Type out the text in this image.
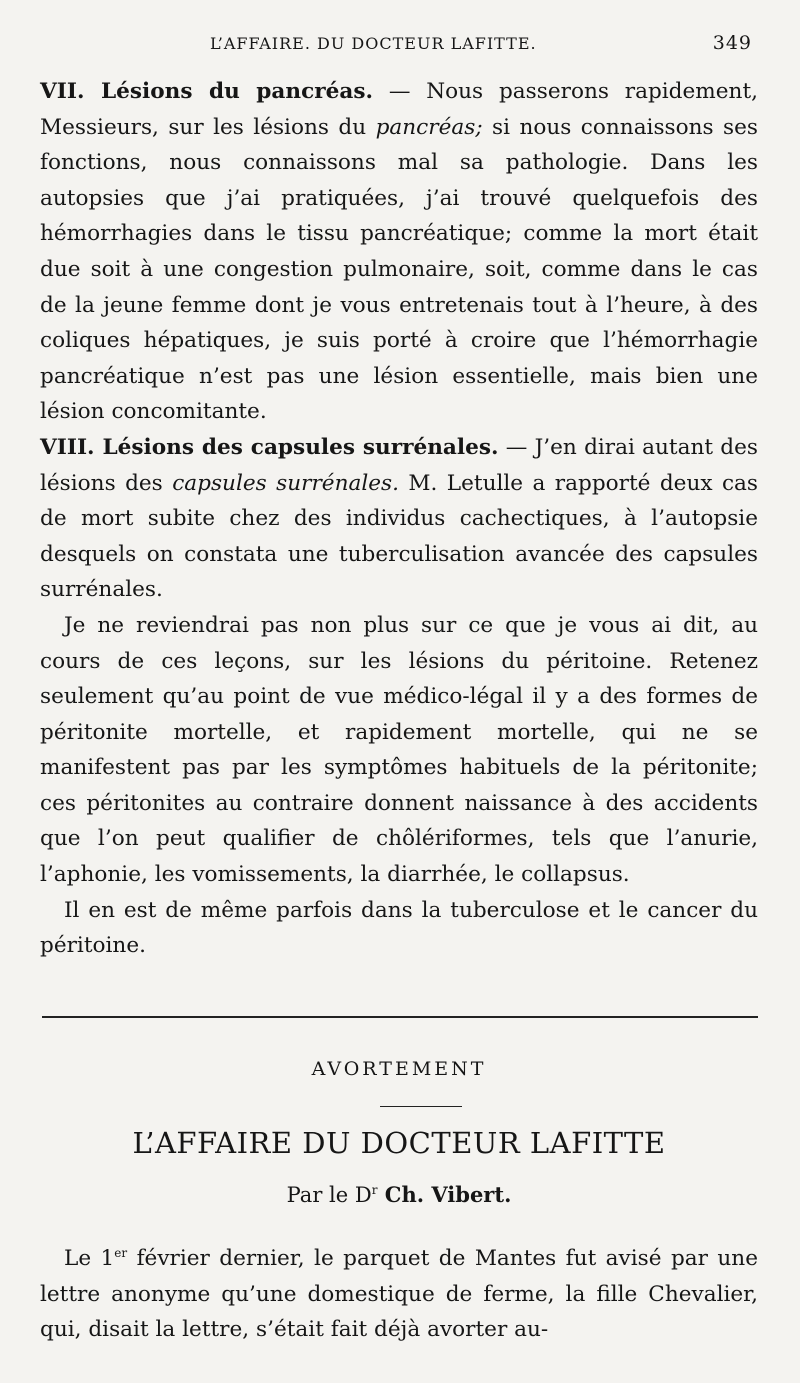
L’AFFAIRE. DU DOCTEUR LAFITTE.	349

VII. Lésions du pancréas. — Nous passerons rapidement, Messieurs, sur les lésions du pancréas; si nous connaissons ses fonctions, nous connaissons mal sa pathologie. Dans les autopsies que j’ai pratiquées, j’ai trouvé quelquefois des hémorrhagies dans le tissu pancréatique; comme la mort était due soit à une congestion pulmonaire, soit, comme dans le cas de la jeune femme dont je vous entretenais tout à l’heure, à des coliques hépatiques, je suis porté à croire que l’hémorrhagie pancréatique n’est pas une lésion essentielle, mais bien une lésion concomitante.

VIII. Lésions des capsules surrénales. — J’en dirai autant des lésions des capsules surrénales. M. Letulle a rapporté deux cas de mort subite chez des individus cachectiques, à l’autopsie desquels on constata une tuberculisation avancée des capsules surrénales.

Je ne reviendrai pas non plus sur ce que je vous ai dit, au cours de ces leçons, sur les lésions du péritoine. Retenez seulement qu’au point de vue médico-légal il y a des formes de péritonite mortelle, et rapidement mortelle, qui ne se manifestent pas par les symptômes habituels de la péritonite; ces péritonites au contraire donnent naissance à des accidents que l’on peut qualifier de chôlériformes, tels que l’anurie, l’aphonie, les vomissements, la diarrhée, le collapsus.

Il en est de même parfois dans la tuberculose et le cancer du péritoine.

AVORTEMENT
L’AFFAIRE DU DOCTEUR LAFITTE
Par le $D^r$ Ch. Vibert.

Le 1er février dernier, le parquet de Mantes fut avisé par une lettre anonyme qu’une domestique de ferme, la fille Chevalier, qui, disait la lettre, s’était fait déjà avorter au-
